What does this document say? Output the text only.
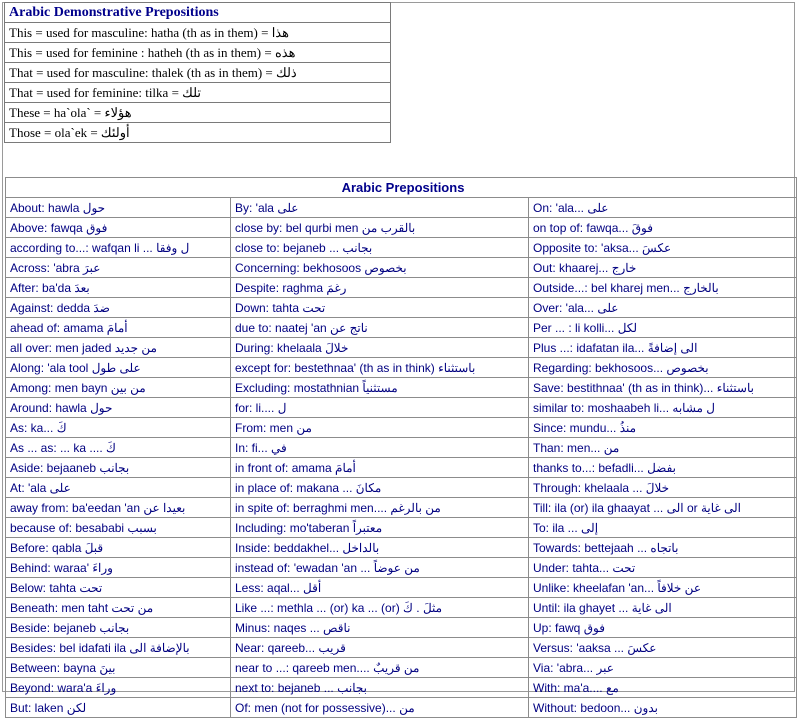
Arabic Demonstrative Prepositions
This = used for masculine: hatha (th as in them) = هذا
This = used for feminine : hatheh (th as in them) = هذه
That = used for masculine: thalek (th as in them) = ذلك
That = used for feminine: tilka = تلك
These = ha`ola` = هؤلاء
Those = ola`ek = أولئك
Arabic Prepositions		
About: hawla حول	By: 'ala على	On: 'ala... على
Above: fawqa فوق	close by: bel qurbi men بالقرب من	on top of: fawqa... فوقَ
according to...: wafqan li ... ل وفقا	close to: bejaneb ... بجانب	Opposite to: 'aksa... عكسَ
Across: 'abra عبرَ	Concerning: bekhosoos بخصوص	Out: khaarej... خارج
After: ba'da بعدَ	Despite: raghma رغمَ	Outside...: bel kharej men... بالخارج
Against: dedda ضدَ	Down: tahta تحت	Over: 'ala... على
ahead of: amama أمامَ	due to: naatej 'an ناتج عن	Per ... : li kolli... لكل
all over: men jaded من جديد	During: khelaala خلالَ	Plus ...: idafatan ila... الى إضافةً
Along: 'ala tool على طول	except for: bestethnaa' (th as in think) باستثناء	Regarding: bekhosoos... بخصوص
Among: men bayn من بين	Excluding: mostathnian مستثنياً	Save: bestithnaa' (th as in think)... باستثناء
Around: hawla حول	for: li.... ل	similar to: moshaabeh li... ل مشابه
As: ka... كَ	From: men من	Since: mundu... منذُ
As ... as: ... ka .... كَ	In: fi... في	Than: men... من
Aside: bejaaneb بجانب	in front of: amama أمامَ	thanks to...: befadli... بفضل
At: 'ala على	in place of: makana ... مكانَ	Through: khelaala ... خلالَ
away from: ba'eedan 'an بعيدا عن	in spite of: berraghmi men.... من بالرغم	Till: ila (or) ila ghaayat ... الى or الى غاية
because of: besababi بسبب	Including: mo'taberan معتبراً	To: ila ... إلى
Before: qabla قبلَ	Inside: beddakhel... بالداخل	Towards: bettejaah ... باتجاه
Behind: waraa' وراءَ	instead of: 'ewadan 'an ... من عوضاً	Under: tahta... تحت
Below: tahta تحت	Less: aqal... أقل	Unlike: kheelafan 'an... عن خلافاً
Beneath: men taht من تحت	Like ...: methla ... (or) ka ... (or) مثلَ . كَ	Until: ila ghayet ... الى غاية
Beside: bejaneb بجانب	Minus: naqes ... ناقص	Up: fawq فوق
Besides: bel idafati ila بالإضافة الى	Near: qareeb... قريب	Versus: 'aaksa ... عكسَ
Between: bayna بينَ	near to ...: qareeb men.... من قريبٌ	Via: 'abra... عبر
Beyond: wara'a وراءَ	next to: bejaneb ... بجانب	With: ma'a.... مع
But: laken لكن	Of: men (not for possessive)... من	Without: bedoon... بدون
